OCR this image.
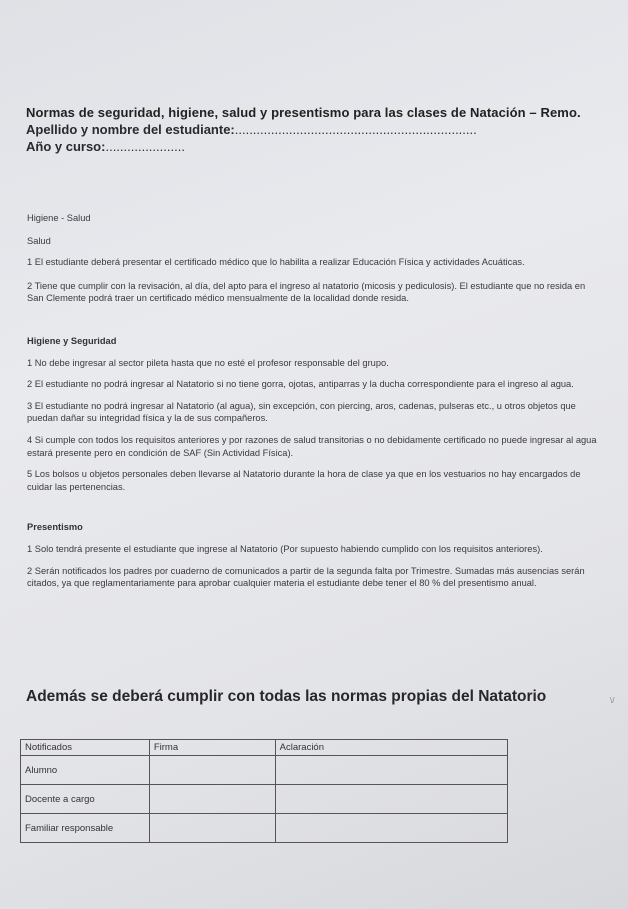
Normas de seguridad, higiene, salud y presentismo para las clases de Natación – Remo.
Apellido y nombre del estudiante:...................................................................
Año y curso:......................
Higiene - Salud
Salud

1 El estudiante deberá presentar el certificado médico que lo habilita a realizar Educación Física y actividades Acuáticas.

2 Tiene que cumplir con la revisación, al día, del apto para el ingreso al natatorio (micosis y pediculosis). El estudiante que no resida en San Clemente podrá traer un certificado médico mensualmente de la localidad donde resida.

Higiene y Seguridad

1 No debe ingresar al sector pileta hasta que no esté el profesor responsable del grupo.

2 El estudiante no podrá ingresar al Natatorio si no tiene gorra, ojotas, antiparras y la ducha correspondiente para el ingreso al agua.

3 El estudiante no podrá ingresar al Natatorio (al agua), sin excepción, con piercing, aros, cadenas, pulseras etc., u otros objetos que puedan dañar su integridad física y la de sus compañeros.

4 Si cumple con todos los requisitos anteriores y por razones de salud transitorias o no debidamente certificado no puede ingresar al agua estará presente pero en condición de SAF (Sin Actividad Física).

5 Los bolsos u objetos personales deben llevarse al Natatorio durante la hora de clase ya que en los vestuarios no hay encargados de cuidar las pertenencias.

Presentismo

1 Solo tendrá presente el estudiante que ingrese al Natatorio (Por supuesto habiendo cumplido con los requisitos anteriores).

2 Serán notificados los padres por cuaderno de comunicados a partir de la segunda falta por Trimestre. Sumadas más ausencias serán citados, ya que reglamentariamente para aprobar cualquier materia el estudiante debe tener el 80 % del presentismo anual.

Además se deberá cumplir con todas las normas propias del Natatorio	\/
Notificados	Firma	Aclaración
Alumno		
Docente a cargo		
Familiar responsable		
